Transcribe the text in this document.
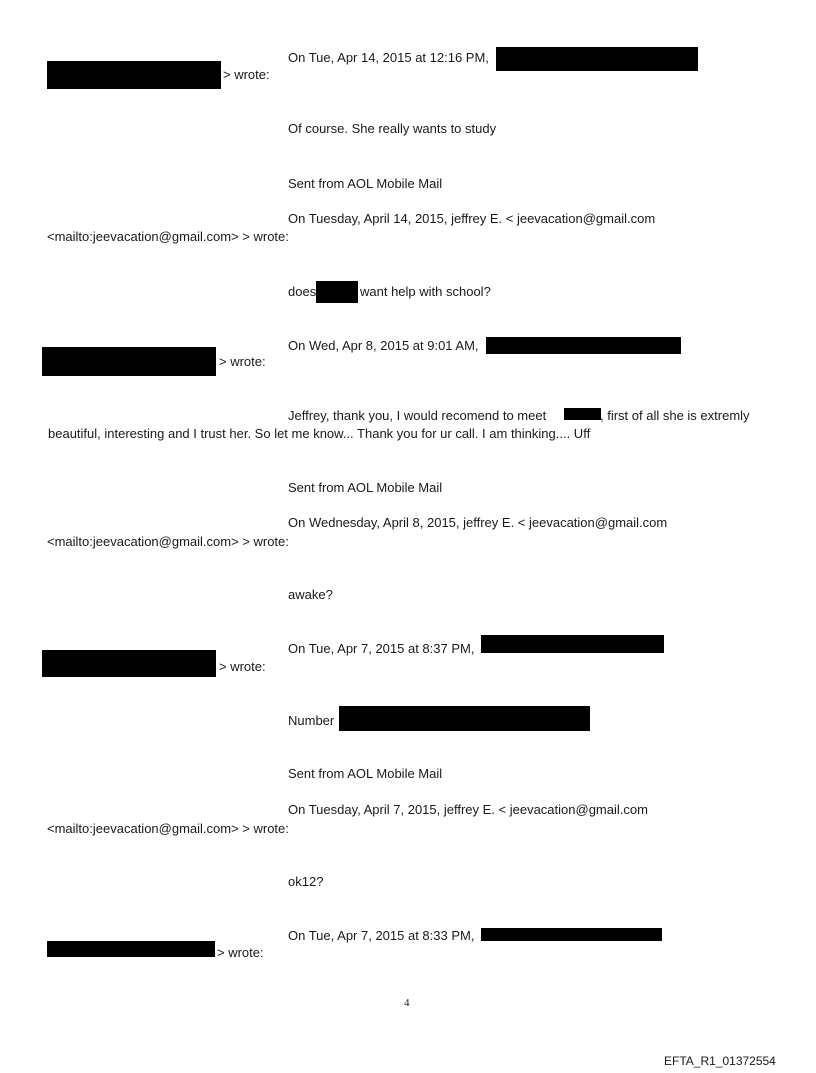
On Tue, Apr 14, 2015 at 12:16 PM,
> wrote:
Of course. She really wants to study
Sent from AOL Mobile Mail
On Tuesday, April 14, 2015, jeffrey E. < jeevacation@gmail.com
<mailto:jeevacation@gmail.com> > wrote:
does	want help with school?
On Wed, Apr 8, 2015 at 9:01 AM,
> wrote:
Jeffrey, thank you, I would recomend to meet	, first of all she is extremly
beautiful, interesting and I trust her. So let me know... Thank you for ur call. I am thinking.... Uff
Sent from AOL Mobile Mail
On Wednesday, April 8, 2015, jeffrey E. < jeevacation@gmail.com
<mailto:jeevacation@gmail.com> > wrote:
awake?
On Tue, Apr 7, 2015 at 8:37 PM,
> wrote:
Number
Sent from AOL Mobile Mail
On Tuesday, April 7, 2015, jeffrey E. < jeevacation@gmail.com
<mailto:jeevacation@gmail.com> > wrote:
ok12?
On Tue, Apr 7, 2015 at 8:33 PM,
> wrote:
4
EFTA_R1_01372554
